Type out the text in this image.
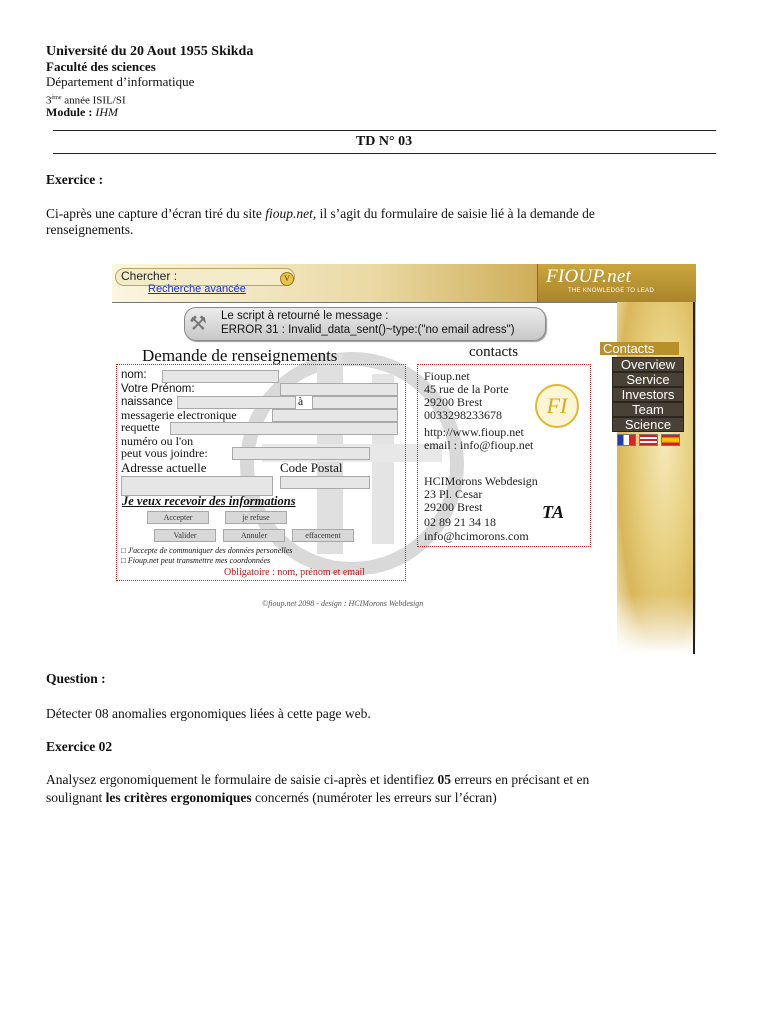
Université du 20 Aout 1955 Skikda
Faculté des sciences
Département d’informatique
3ème année ISIL/SI
Module : IHM
TD N° 03
Exercice :
Ci-après une capture d’écran tiré du site fioup.net, il s’agit du formulaire de saisie lié à la demande de
renseignements.
Chercher :	V
Recherche avancée
FIOUP.net
THE KNOWLEDGE TO LEAD
⚒ Le script à retourné le message :
ERROR 31 : Invalid_data_sent()~type:("no email adress")
Contacts
Overview
Service
Investors
Team
Science
Demande de renseignements	contacts
nom:
Votre Prénom:
naissance	à
messagerie electronique
requette
numéro ou l'on
peut vous joindre:
Adresse actuelle	Code Postal
Je veux recevoir des informations
Accepter	je refuse
Valider	Annuler	effacement
□ J'accepte de communiquer des données personelles
□ Fioup.net peut transmettre mes coordonnées
Obligatoire : nom, prénom et email
FI
Fioup.net
45 rue de la Porte
29200 Brest
0033298233678
http://www.fioup.net
email : info@fioup.net
HCIMorons Webdesign
23 Pl. Cesar
29200 Brest
02 89 21 34 18
info@hcimorons.com
TA
©fioup.net 2098 - design : HCIMorons Webdesign
Question :
Détecter 08 anomalies ergonomiques liées à cette page web.
Exercice 02
Analysez ergonomiquement le formulaire de saisie ci-après et identifiez 05 erreurs en précisant et en
soulignant les critères ergonomiques concernés (numéroter les erreurs sur l’écran)
